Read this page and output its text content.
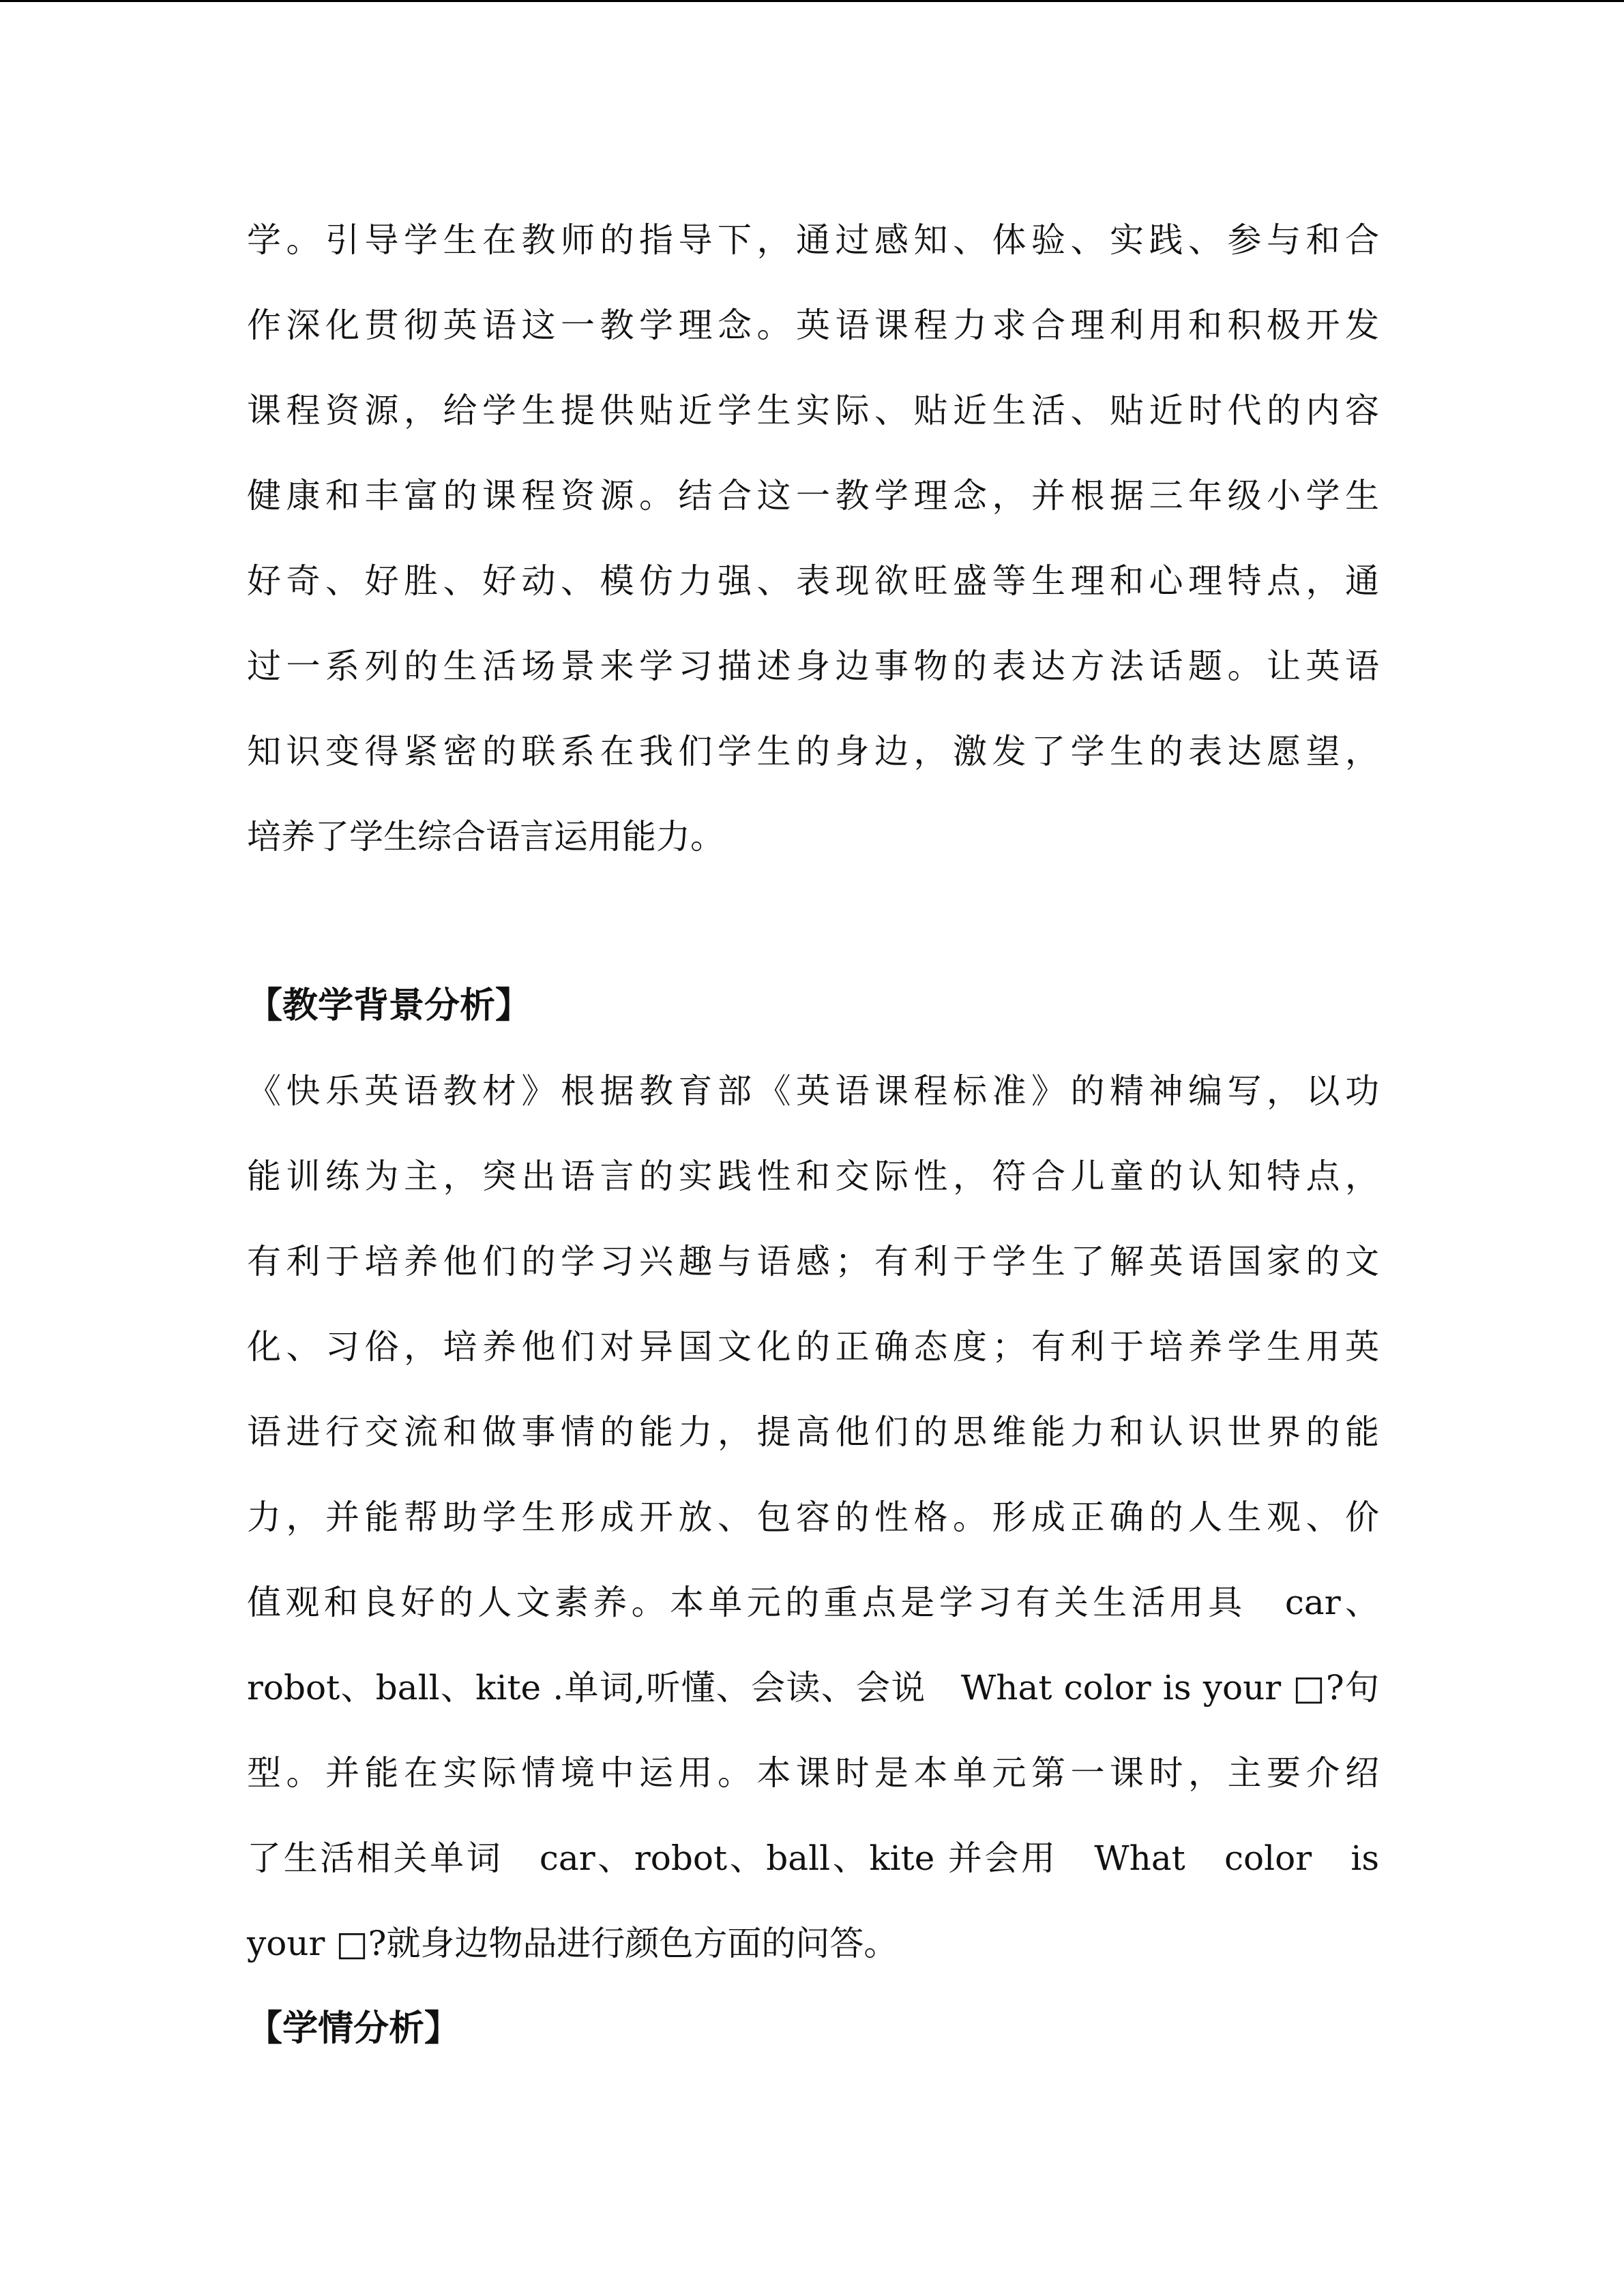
学。引导学生在教师的指导下，通过感知、体验、实践、参与和合
作深化贯彻英语这一教学理念。英语课程力求合理利用和积极开发
课程资源，给学生提供贴近学生实际、贴近生活、贴近时代的内容
健康和丰富的课程资源。结合这一教学理念，并根据三年级小学生
好奇、好胜、好动、模仿力强、表现欲旺盛等生理和心理特点，通
过一系列的生活场景来学习描述身边事物的表达方法话题。让英语
知识变得紧密的联系在我们学生的身边，激发了学生的表达愿望，
培养了学生综合语言运用能力。
【教学背景分析】
《快乐英语教材》根据教育部《英语课程标准》的精神编写，以功
能训练为主，突出语言的实践性和交际性，符合儿童的认知特点，
有利于培养他们的学习兴趣与语感；有利于学生了解英语国家的文
化、习俗，培养他们对异国文化的正确态度；有利于培养学生用英
语进行交流和做事情的能力，提高他们的思维能力和认识世界的能
力，并能帮助学生形成开放、包容的性格。形成正确的人生观、价
值观和良好的人文素养。本单元的重点是学习有关生活用具　car、
robot、ball、kite .单词,听懂、会读、会说　What color is your □?句
型。并能在实际情境中运用。本课时是本单元第一课时，主要介绍
了生活相关单词　car、robot、ball、kite 并会用　What　color　is
your □?就身边物品进行颜色方面的问答。
【学情分析】
